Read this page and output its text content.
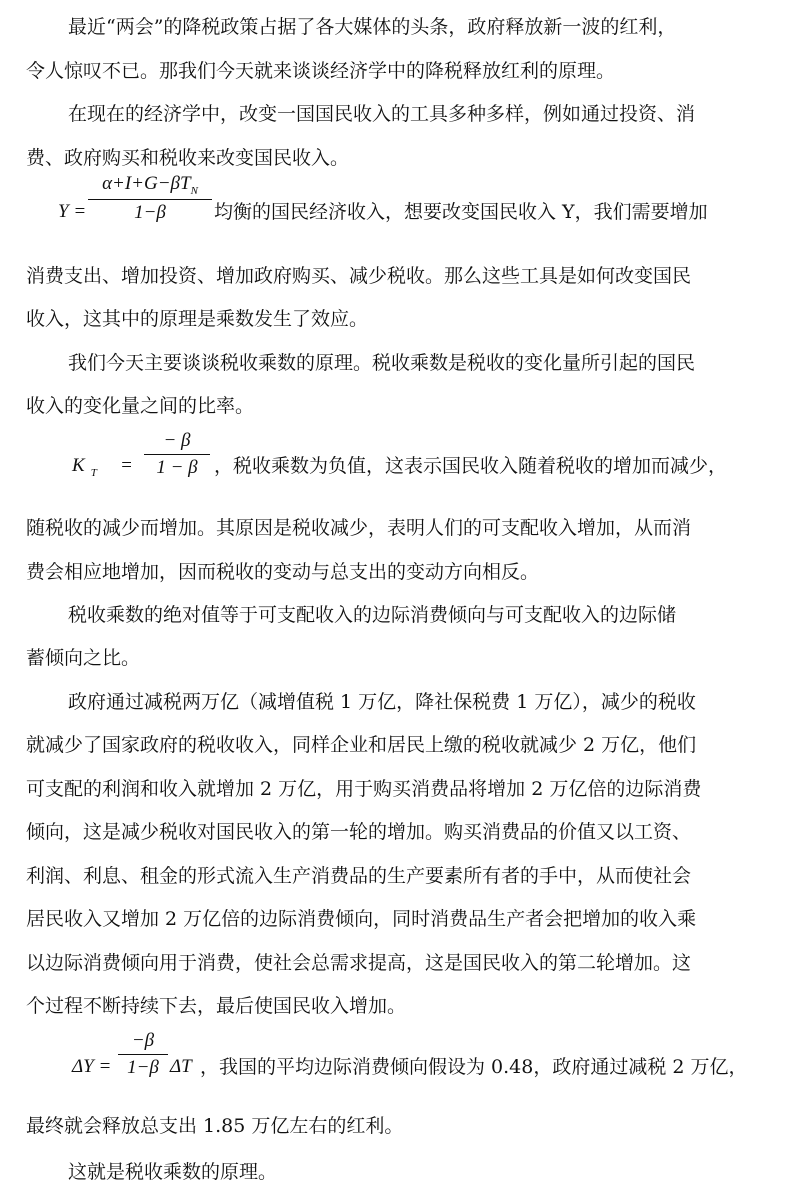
最近“两会”的降税政策占据了各大媒体的头条，政府释放新一波的红利，
令人惊叹不已。那我们今天就来谈谈经济学中的降税释放红利的原理。
在现在的经济学中，改变一国国民收入的工具多种多样，例如通过投资、消
费、政府购买和税收来改变国民收入。
Y =
$\alpha+I+G-\beta T_N$
1−β	均衡的国民经济收入，想要改变国民收入 Y，我们需要增加
消费支出、增加投资、增加政府购买、减少税收。那么这些工具是如何改变国民
收入，这其中的原理是乘数发生了效应。
我们今天主要谈谈税收乘数的原理。税收乘数是税收的变化量所引起的国民
收入的变化量之间的比率。
K $_T$ =
− β
1 − β ，税收乘数为负值，这表示国民收入随着税收的增加而减少，
随税收的减少而增加。其原因是税收减少，表明人们的可支配收入增加，从而消
费会相应地增加，因而税收的变动与总支出的变动方向相反。
税收乘数的绝对值等于可支配收入的边际消费倾向与可支配收入的边际储
蓄倾向之比。
政府通过减税两万亿（减增值税 1 万亿，降社保税费 1 万亿），减少的税收
就减少了国家政府的税收收入，同样企业和居民上缴的税收就减少 2 万亿，他们
可支配的利润和收入就增加 2 万亿，用于购买消费品将增加 2 万亿倍的边际消费
倾向，这是减少税收对国民收入的第一轮的增加。购买消费品的价值又以工资、
利润、利息、租金的形式流入生产消费品的生产要素所有者的手中，从而使社会
居民收入又增加 2 万亿倍的边际消费倾向，同时消费品生产者会把增加的收入乘
以边际消费倾向用于消费，使社会总需求提高，这是国民收入的第二轮增加。这
个过程不断持续下去，最后使国民收入增加。
ΔY =
−β
1−β ΔT ，我国的平均边际消费倾向假设为 0.48，政府通过减税 2 万亿，
最终就会释放总支出 1.85 万亿左右的红利。
这就是税收乘数的原理。
